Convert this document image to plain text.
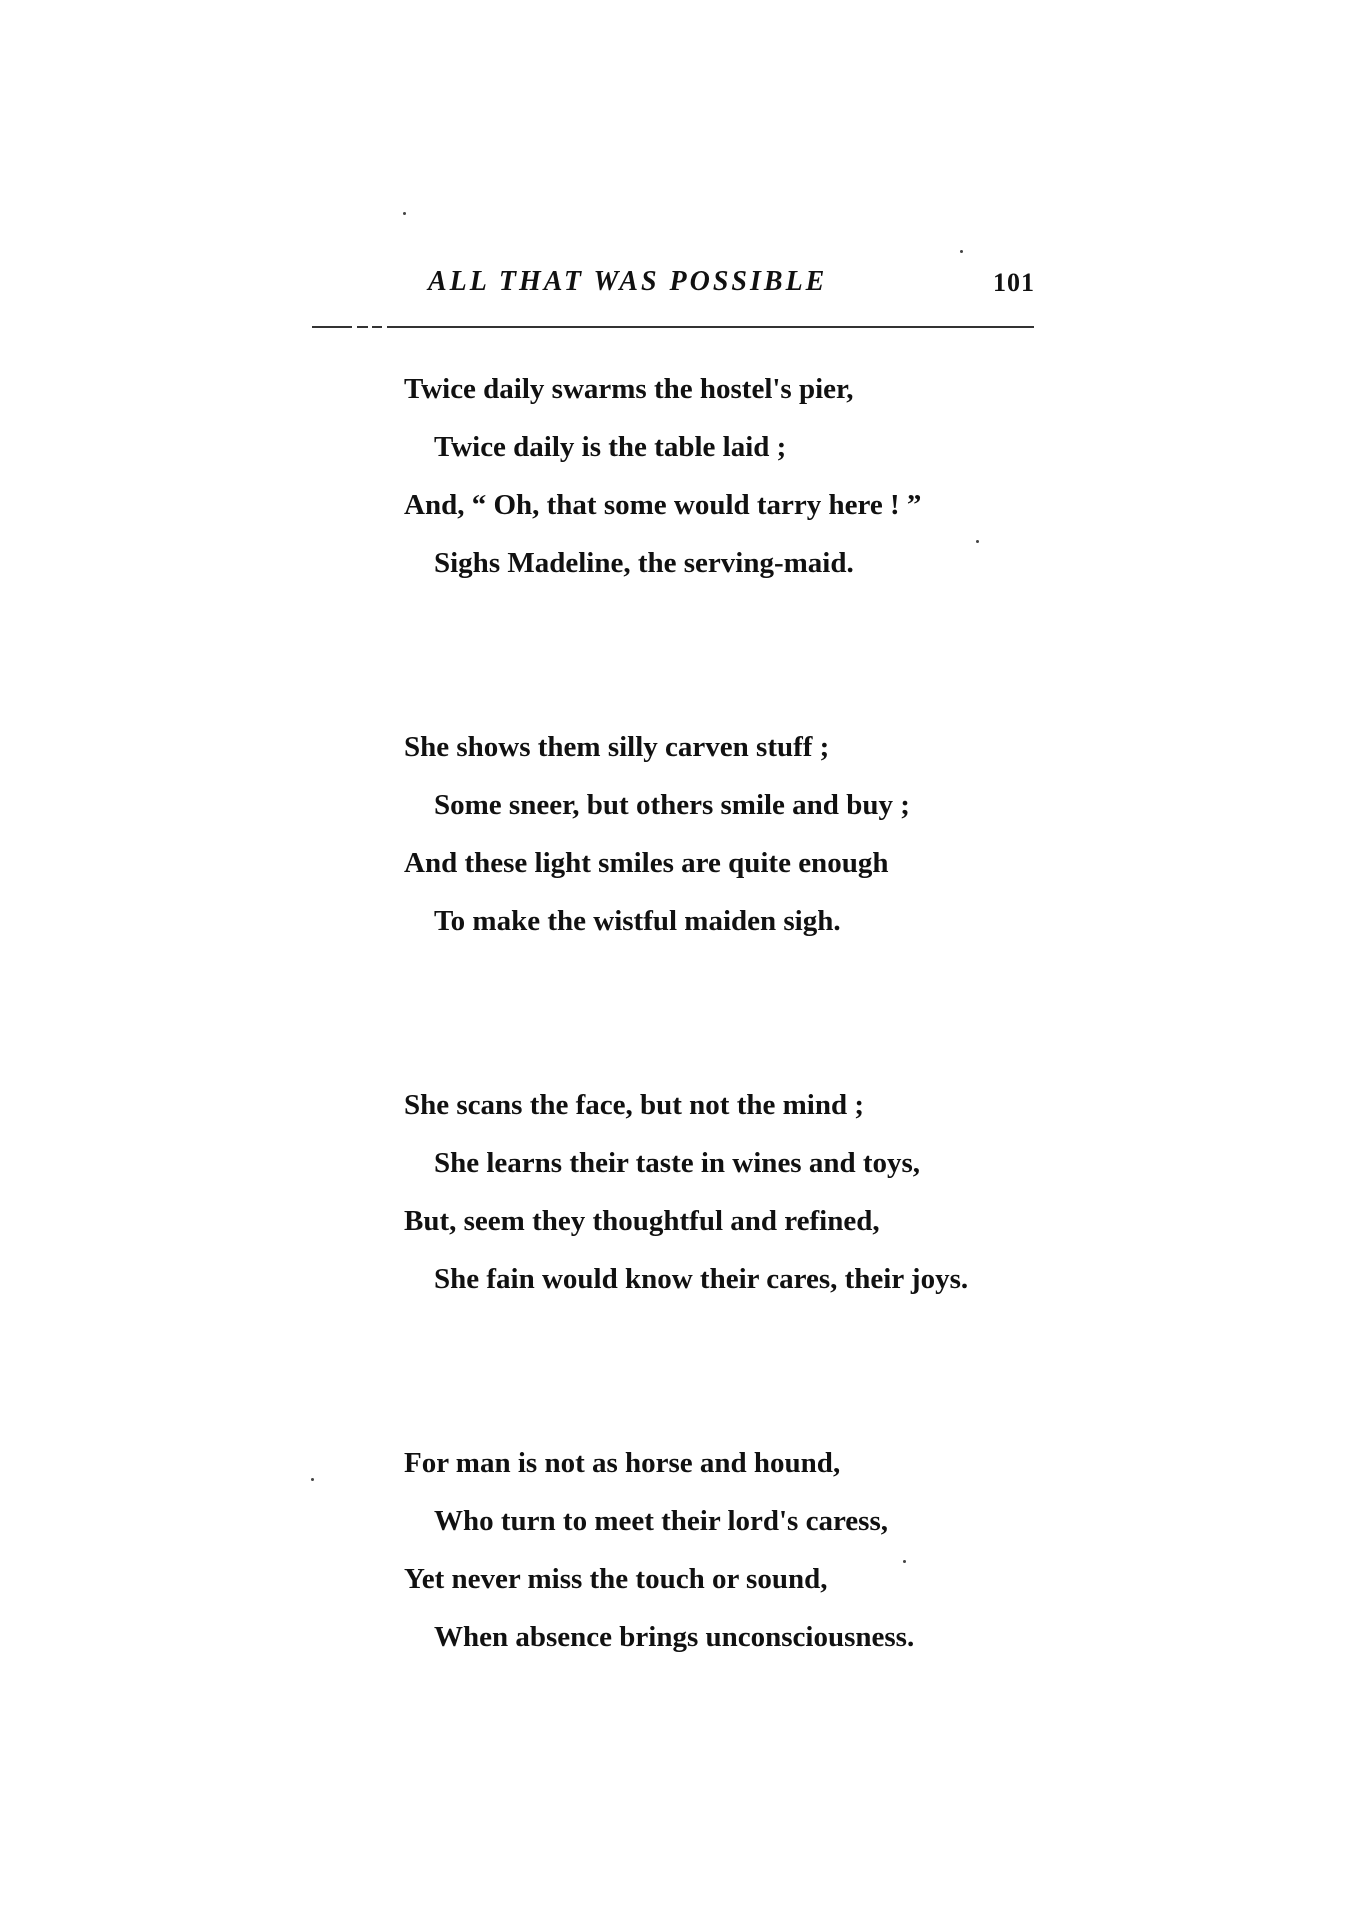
ALL THAT WAS POSSIBLE	101
Twice daily swarms the hostel's pier,
Twice daily is the table laid ;
And, “ Oh, that some would tarry here ! ”
Sighs Madeline, the serving-maid.
She shows them silly carven stuff ;
Some sneer, but others smile and buy ;
And these light smiles are quite enough
To make the wistful maiden sigh.
She scans the face, but not the mind ;
She learns their taste in wines and toys,
But, seem they thoughtful and refined,
She fain would know their cares, their joys.
For man is not as horse and hound,
Who turn to meet their lord's caress,
Yet never miss the touch or sound,
When absence brings unconsciousness.
